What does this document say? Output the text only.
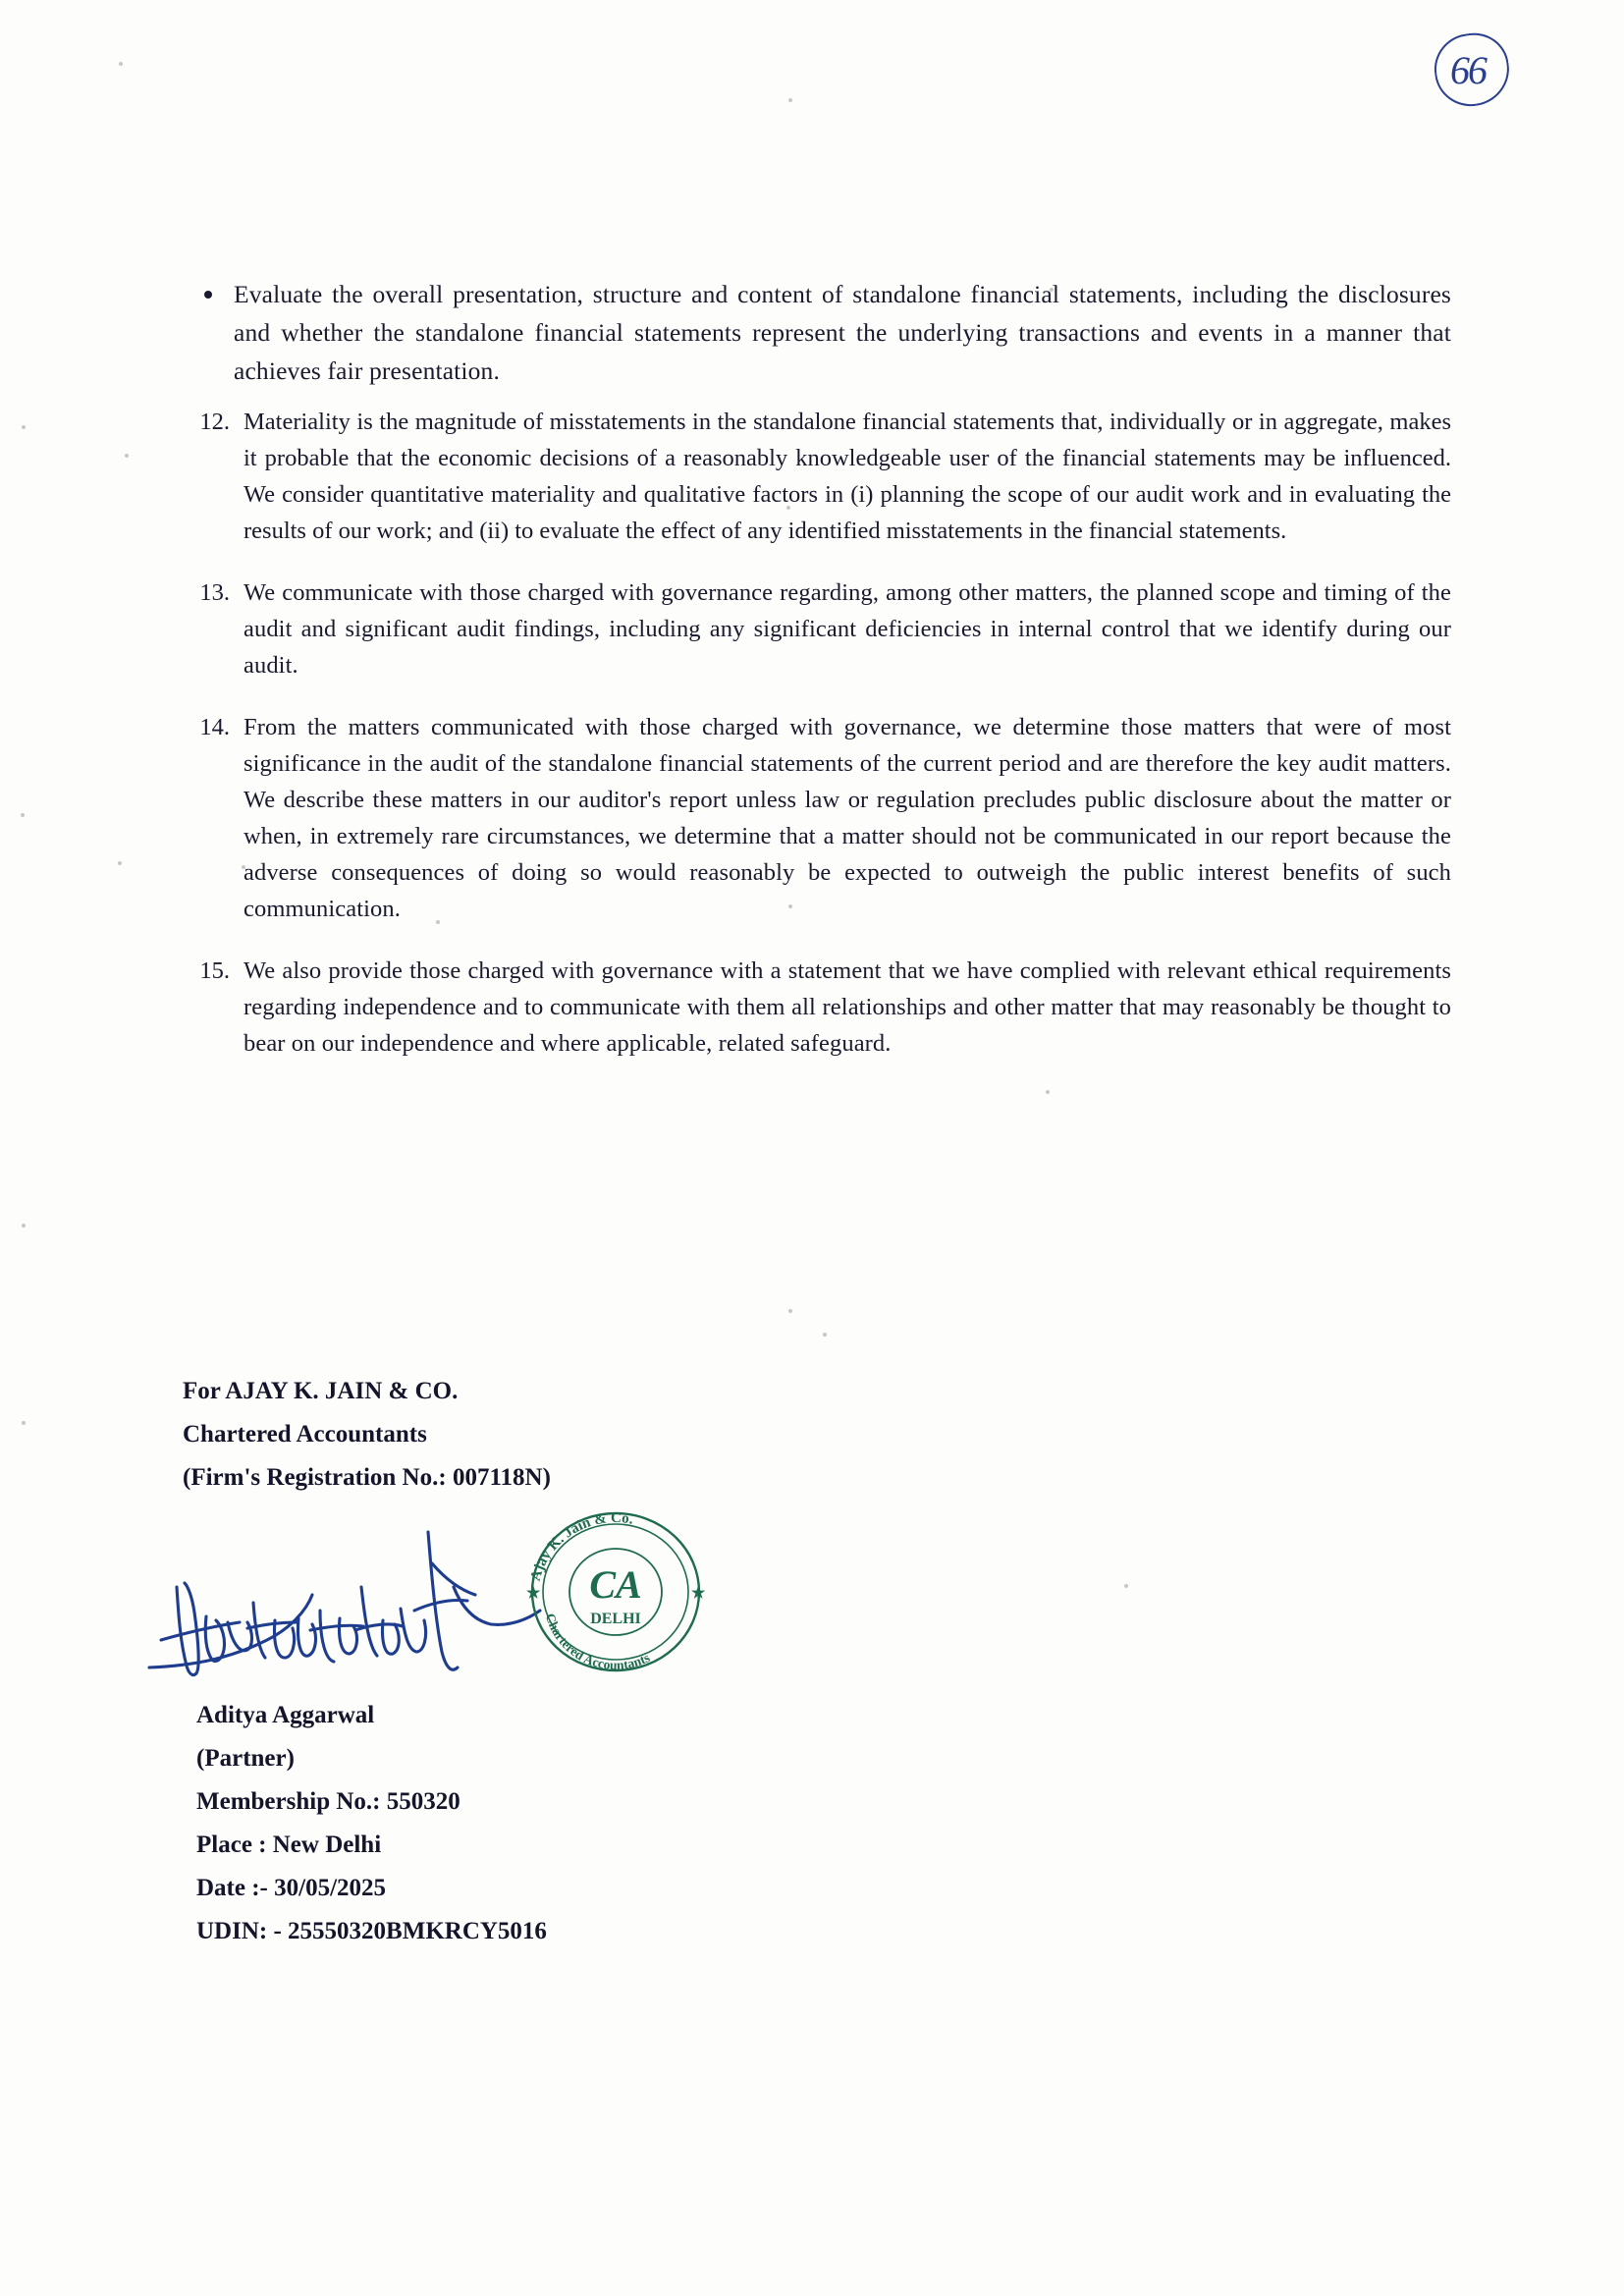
66
Evaluate the overall presentation, structure and content of standalone financial statements, including the disclosures and whether the standalone financial statements represent the underlying transactions and events in a manner that achieves fair presentation.
12. Materiality is the magnitude of misstatements in the standalone financial statements that, individually or in aggregate, makes it probable that the economic decisions of a reasonably knowledgeable user of the financial statements may be influenced. We consider quantitative materiality and qualitative factors in (i) planning the scope of our audit work and in evaluating the results of our work; and (ii) to evaluate the effect of any identified misstatements in the financial statements.
13. We communicate with those charged with governance regarding, among other matters, the planned scope and timing of the audit and significant audit findings, including any significant deficiencies in internal control that we identify during our audit.
14. From the matters communicated with those charged with governance, we determine those matters that were of most significance in the audit of the standalone financial statements of the current period and are therefore the key audit matters. We describe these matters in our auditor's report unless law or regulation precludes public disclosure about the matter or when, in extremely rare circumstances, we determine that a matter should not be communicated in our report because the adverse consequences of doing so would reasonably be expected to outweigh the public interest benefits of such communication.
15. We also provide those charged with governance with a statement that we have complied with relevant ethical requirements regarding independence and to communicate with them all relationships and other matter that may reasonably be thought to bear on our independence and where applicable, related safeguard.
For AJAY K. JAIN & CO.
Chartered Accountants
(Firm's Registration No.: 007118N)
Ajay K. Jain & Co.
Chartered Accountants
CA
DELHI
★	★
Aditya Aggarwal
(Partner)
Membership No.: 550320
Place : New Delhi
Date :- 30/05/2025
UDIN: - 25550320BMKRCY5016
